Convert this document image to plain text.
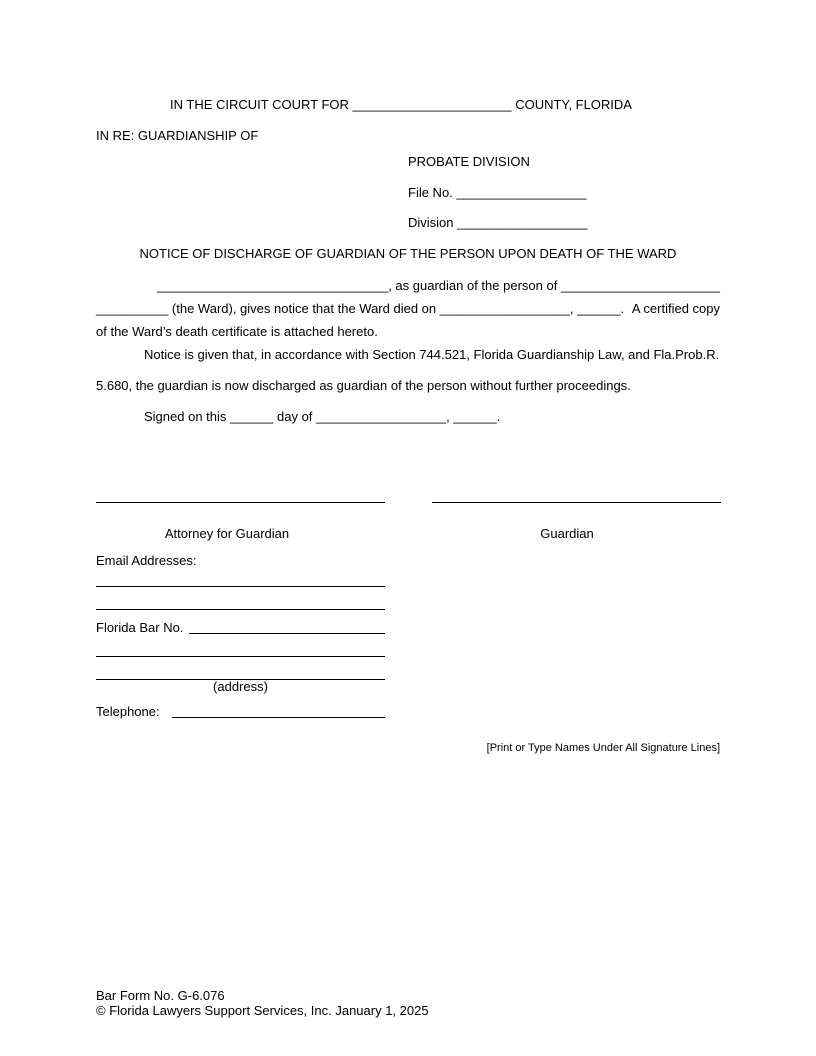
IN THE CIRCUIT COURT FOR ______________________ COUNTY, FLORIDA
IN RE: GUARDIANSHIP OF
PROBATE DIVISION
File No. __________________
Division __________________
NOTICE OF DISCHARGE OF GUARDIAN OF THE PERSON UPON DEATH OF THE WARD
________________________________, as guardian of the person of ______________________
__________ (the Ward), gives notice that the Ward died on __________________, ______. A certified copy
of the Ward’s death certificate is attached hereto.
Notice is given that, in accordance with Section 744.521, Florida Guardianship Law, and Fla.Prob.R.
5.680, the guardian is now discharged as guardian of the person without further proceedings.
Signed on this ______ day of __________________, ______.
Attorney for Guardian	Guardian
Email Addresses:
Florida Bar No.
(address)
Telephone:
[Print or Type Names Under All Signature Lines]
Bar Form No. G-6.076
© Florida Lawyers Support Services, Inc. January 1, 2025
